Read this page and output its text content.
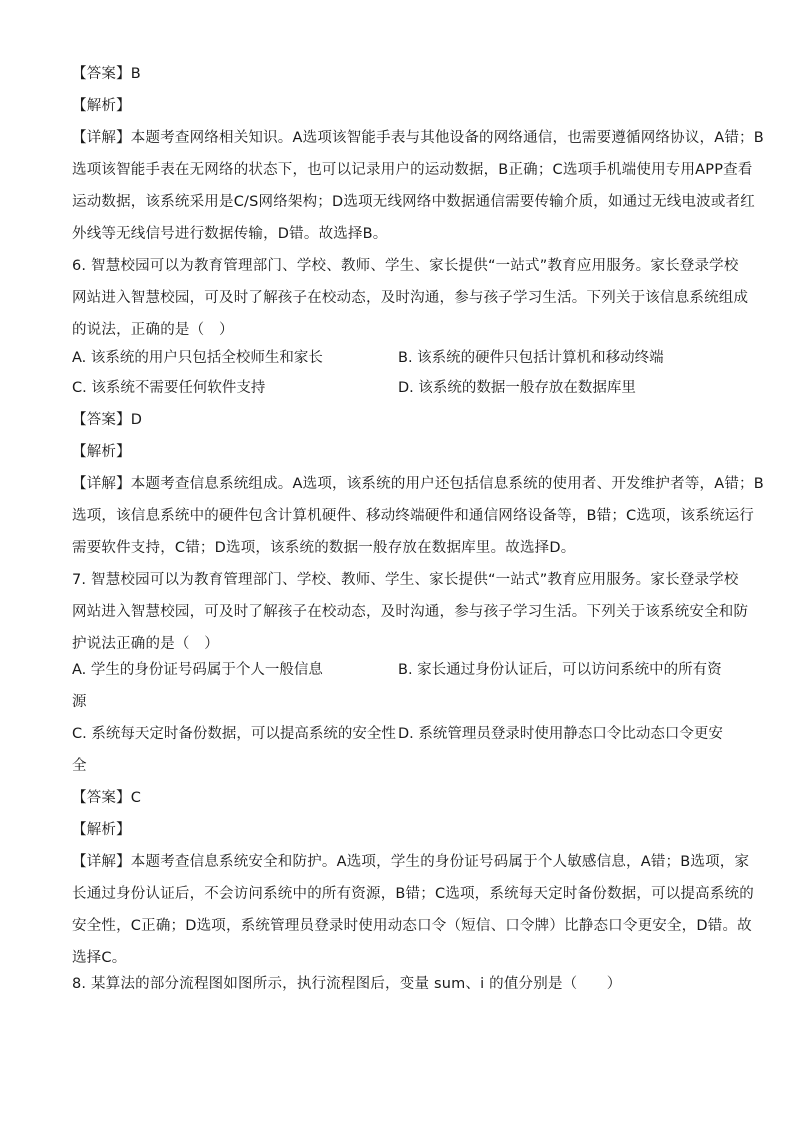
【答案】B
【解析】
【详解】本题考查网络相关知识。A选项该智能手表与其他设备的网络通信，也需要遵循网络协议，A错；B
选项该智能手表在无网络的状态下，也可以记录用户的运动数据，B正确；C选项手机端使用专用APP查看
运动数据，该系统采用是C/S网络架构；D选项无线网络中数据通信需要传输介质，如通过无线电波或者红
外线等无线信号进行数据传输，D错。故选择B。
6. 智慧校园可以为教育管理部门、学校、教师、学生、家长提供“一站式”教育应用服务。家长登录学校
网站进入智慧校园，可及时了解孩子在校动态，及时沟通，参与孩子学习生活。下列关于该信息系统组成
的说法，正确的是（　）
A. 该系统的用户只包括全校师生和家长	B. 该系统的硬件只包括计算机和移动终端
C. 该系统不需要任何软件支持	D. 该系统的数据一般存放在数据库里
【答案】D
【解析】
【详解】本题考查信息系统组成。A选项，该系统的用户还包括信息系统的使用者、开发维护者等，A错；B
选项，该信息系统中的硬件包含计算机硬件、移动终端硬件和通信网络设备等，B错；C选项，该系统运行
需要软件支持，C错；D选项，该系统的数据一般存放在数据库里。故选择D。
7. 智慧校园可以为教育管理部门、学校、教师、学生、家长提供“一站式”教育应用服务。家长登录学校
网站进入智慧校园，可及时了解孩子在校动态，及时沟通，参与孩子学习生活。下列关于该系统安全和防
护说法正确的是（　）
A. 学生的身份证号码属于个人一般信息	B. 家长通过身份认证后，可以访问系统中的所有资
源
C. 系统每天定时备份数据，可以提高系统的安全性 D. 系统管理员登录时使用静态口令比动态口令更安
全
【答案】C
【解析】
【详解】本题考查信息系统安全和防护。A选项，学生的身份证号码属于个人敏感信息，A错；B选项，家
长通过身份认证后，不会访问系统中的所有资源，B错；C选项，系统每天定时备份数据，可以提高系统的
安全性，C正确；D选项，系统管理员登录时使用动态口令（短信、口令牌）比静态口令更安全，D错。故
选择C。
8. 某算法的部分流程图如图所示，执行流程图后，变量 sum、i 的值分别是（　　）
